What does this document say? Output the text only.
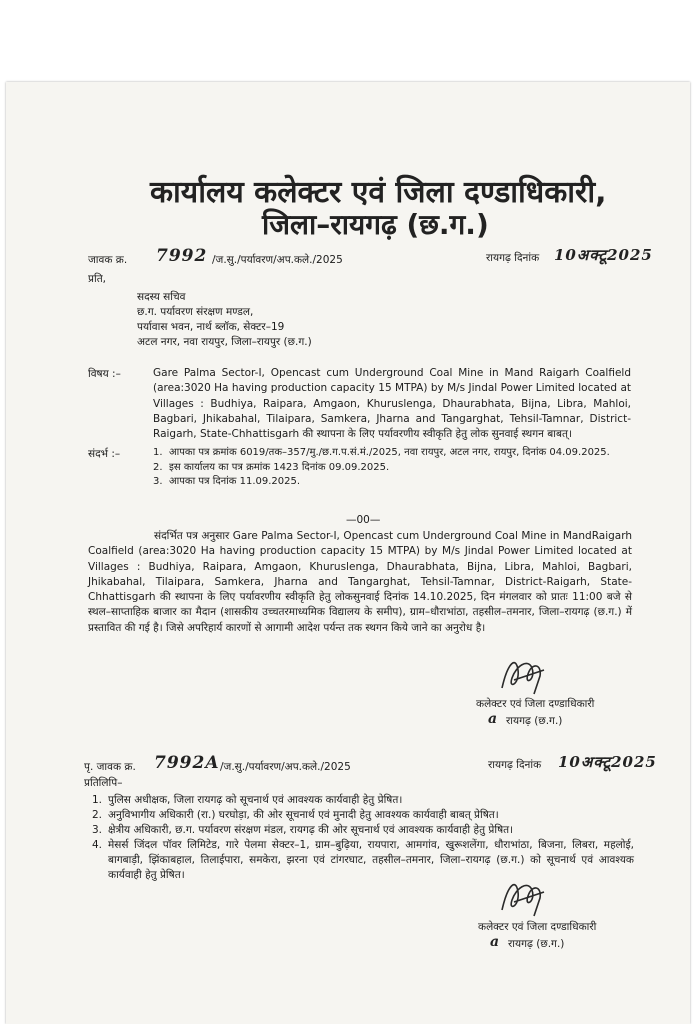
कार्यालय कलेक्टर एवं जिला दण्डाधिकारी,
जिला–रायगढ़ (छ.ग.)
जावक क्र. 7992 /ज.सु./पर्यावरण/अप.कले./2025	रायगढ़ दिनांक 10अक्टू2025
प्रति,
सदस्य सचिव
छ.ग. पर्यावरण संरक्षण मण्डल,
पर्यावास भवन, नार्थ ब्लॉक, सेक्टर–19
अटल नगर, नवा रायपुर, जिला–रायपुर (छ.ग.)
विषय :–	Gare Palma Sector-I, Opencast cum Underground Coal Mine in Mand Raigarh Coalfield (area:3020 Ha having production capacity 15 MTPA) by M/s Jindal Power Limited located at Villages : Budhiya, Raipara, Amgaon, Khuruslenga, Dhaurabhata, Bijna, Libra, Mahloi, Bagbari, Jhikabahal, Tilaipara, Samkera, Jharna and Tangarghat, Tehsil-Tamnar, District-Raigarh, State-Chhattisgarh की स्थापना के लिए पर्यावरणीय स्वीकृति हेतु लोक सुनवाई स्थगन बाबत्।
संदर्भ :–	1. आपका पत्र क्रमांक 6019/तक–357/मु./छ.ग.प.सं.मं./2025, नवा रायपुर, अटल नगर, रायपुर, दिनांक 04.09.2025.
2. इस कार्यालय का पत्र क्रमांक 1423 दिनांक 09.09.2025.
3. आपका पत्र दिनांक 11.09.2025.
—00—
संदर्भित पत्र अनुसार Gare Palma Sector-I, Opencast cum Underground Coal Mine in MandRaigarh Coalfield (area:3020 Ha having production capacity 15 MTPA) by M/s Jindal Power Limited located at Villages : Budhiya, Raipara, Amgaon, Khuruslenga, Dhaurabhata, Bijna, Libra, Mahloi, Bagbari, Jhikabahal, Tilaipara, Samkera, Jharna and Tangarghat, Tehsil-Tamnar, District-Raigarh, State-Chhattisgarh की स्थापना के लिए पर्यावरणीय स्वीकृति हेतु लोकसुनवाई दिनांक 14.10.2025, दिन मंगलवार को प्रातः 11:00 बजे से स्थल–साप्ताहिक बाजार का मैदान (शासकीय उच्चतरमाध्यमिक विद्यालय के समीप), ग्राम–धौराभांठा, तहसील–तमनार, जिला–रायगढ़ (छ.ग.) में प्रस्तावित की गई है। जिसे अपरिहार्य कारणों से आगामी आदेश पर्यन्त तक स्थगन किये जाने का अनुरोध है।
कलेक्टर एवं जिला दण्डाधिकारी
a रायगढ़ (छ.ग.)
पृ. जावक क्र. 7992A /ज.सु./पर्यावरण/अप.कले./2025	रायगढ़ दिनांक 10अक्टू2025
प्रतिलिपि–
1. पुलिस अधीक्षक, जिला रायगढ़ को सूचनार्थ एवं आवश्यक कार्यवाही हेतु प्रेषित।
2. अनुविभागीय अधिकारी (रा.) घरघोड़ा, की ओर सूचनार्थ एवं मुनादी हेतु आवश्यक कार्यवाही बाबत् प्रेषित।
3. क्षेत्रीय अधिकारी, छ.ग. पर्यावरण संरक्षण मंडल, रायगढ़ की ओर सूचनार्थ एवं आवश्यक कार्यवाही हेतु प्रेषित।
4. मेसर्स जिंदल पॉवर लिमिटेड, गारे पेलमा सेक्टर–1, ग्राम–बुढ़िया, रायपारा, आमगांव, खुरूशलेंगा, धौराभांठा, बिजना, लिबरा, महलोई, बागबाड़ी, झिंकाबहाल, तिलाईपारा, समकेरा, झरना एवं टांगरघाट, तहसील–तमनार, जिला–रायगढ़ (छ.ग.) को सूचनार्थ एवं आवश्यक कार्यवाही हेतु प्रेषित।
कलेक्टर एवं जिला दण्डाधिकारी
a रायगढ़ (छ.ग.)
